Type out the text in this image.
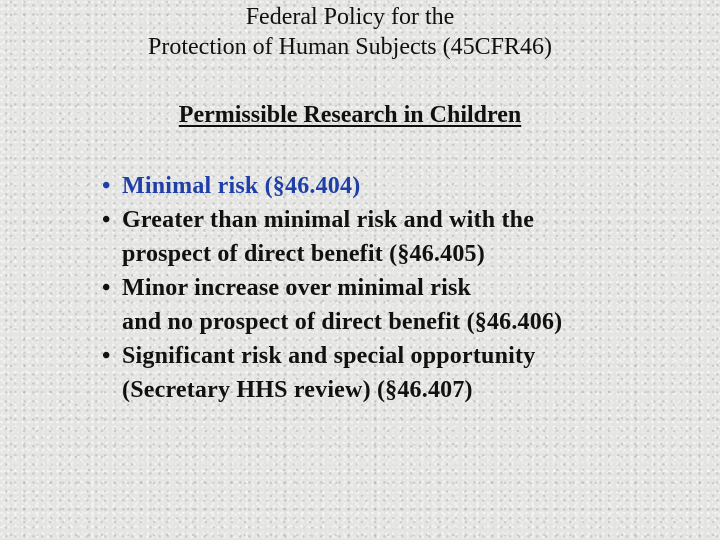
Federal Policy for the
Protection of Human Subjects (45CFR46)
Permissible Research in Children
• Minimal risk (§46.404)
• Greater than minimal risk and with the
prospect of direct benefit (§46.405)
• Minor increase over minimal risk
and no prospect of direct benefit (§46.406)
• Significant risk and special opportunity
(Secretary HHS review) (§46.407)
